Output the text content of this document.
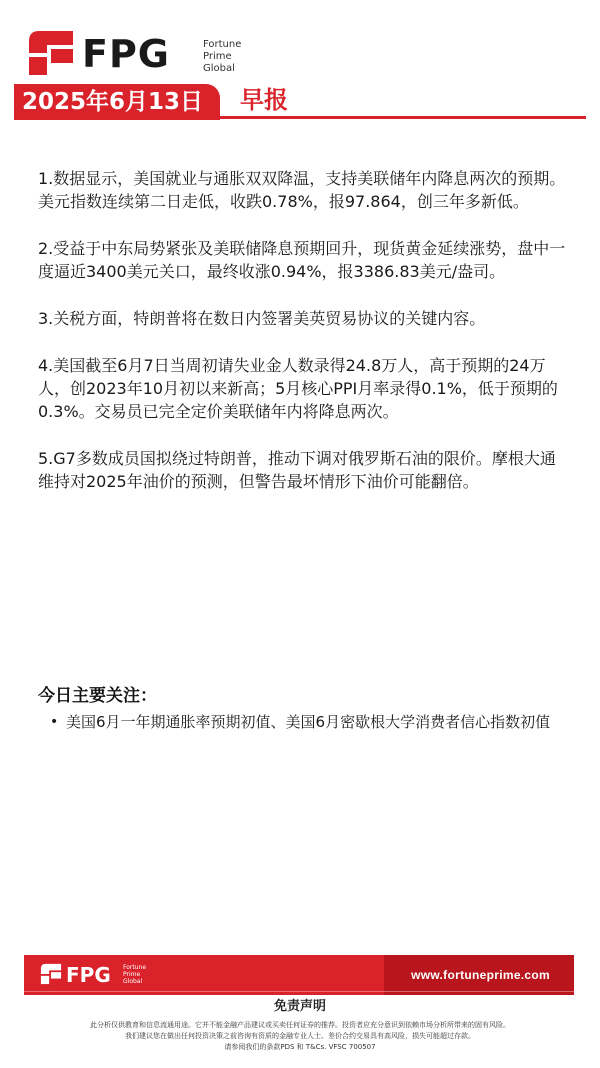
FPG	Fortune
Prime
Global
2025年6月13日 早报

1.数据显示，美国就业与通胀双双降温，支持美联储年内降息两次的预期。美元指数连续第二日走低，收跌0.78%，报97.864，创三年多新低。

2.受益于中东局势紧张及美联储降息预期回升，现货黄金延续涨势，盘中一度逼近3400美元关口，最终收涨0.94%，报3386.83美元/盎司。

3.关税方面，特朗普将在数日内签署美英贸易协议的关键内容。

4.美国截至6月7日当周初请失业金人数录得24.8万人，高于预期的24万人，创2023年10月初以来新高；5月核心PPI月率录得0.1%，低于预期的0.3%。交易员已完全定价美联储年内将降息两次。

5.G7多数成员国拟绕过特朗普，推动下调对俄罗斯石油的限价。摩根大通维持对2025年油价的预测，但警告最坏情形下油价可能翻倍。

今日主要关注：
• 美国6月一年期通胀率预期初值、美国6月密歇根大学消费者信心指数初值
FPG Fortune
Prime
Global	www.fortuneprime.com
免责声明
此分析仅供教育和信息流通用途。它并不能金融产品建议或买卖任何证券的推荐。投资者应充分意识到依赖市场分析所带来的固有风险。
我们建议您在做出任何投资决策之前咨询有资质的金融专业人士。差价合约交易具有高风险，损失可能超过存款。
请参阅我们的条款PDS 和 T&Cs. VFSC 700507
